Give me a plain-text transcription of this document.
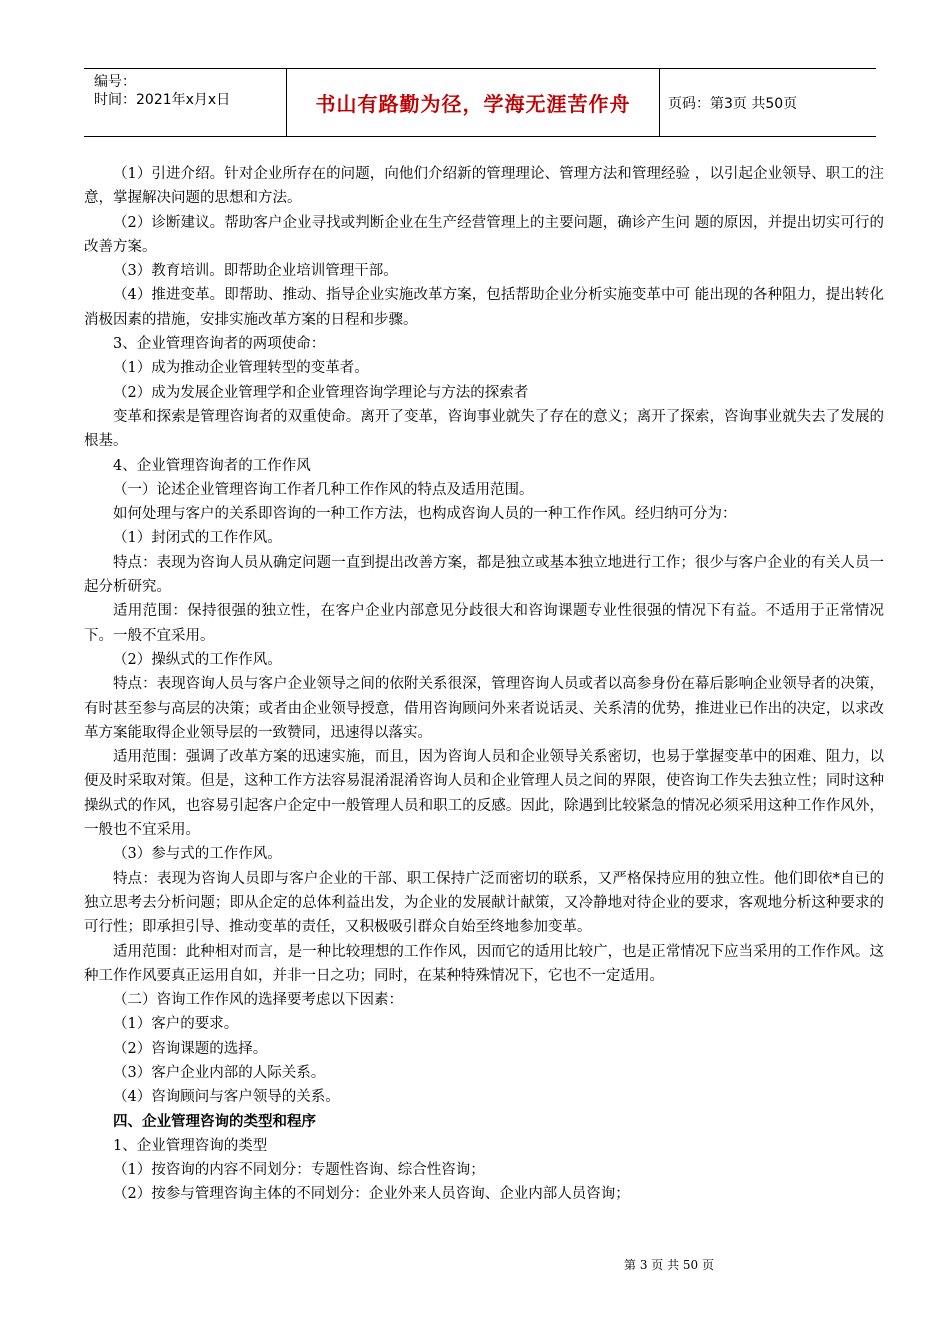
编号：
时间：2021年x月x日	书山有路勤为径，学海无涯苦作舟	页码：第3页 共50页

（1）引进介绍。针对企业所存在的问题，向他们介绍新的管理理论、管理方法和管理经验 ，以引起企业领导、职工的注意，掌握解决问题的思想和方法。

（2）诊断建议。帮助客户企业寻找或判断企业在生产经营管理上的主要问题，确诊产生问 题的原因，并提出切实可行的改善方案。

（3）教育培训。即帮助企业培训管理干部。

（4）推进变革。即帮助、推动、指导企业实施改革方案，包括帮助企业分析实施变革中可 能出现的各种阻力，提出转化消极因素的措施，安排实施改革方案的日程和步骤。

3、企业管理咨询者的两项使命：

（1）成为推动企业管理转型的变革者。

（2）成为发展企业管理学和企业管理咨询学理论与方法的探索者

变革和探索是管理咨询者的双重使命。离开了变革，咨询事业就失了存在的意义；离开了探索，咨询事业就失去了发展的根基。

4、企业管理咨询者的工作作风

（一）论述企业管理咨询工作者几种工作作风的特点及适用范围。

如何处理与客户的关系即咨询的一种工作方法，也构成咨询人员的一种工作作风。经归纳可分为：

（1）封闭式的工作作风。

特点：表现为咨询人员从确定问题一直到提出改善方案，都是独立或基本独立地进行工作；很少与客户企业的有关人员一起分析研究。

适用范围：保持很强的独立性，在客户企业内部意见分歧很大和咨询课题专业性很强的情况下有益。不适用于正常情况下。一般不宜采用。

（2）操纵式的工作作风。

特点：表现咨询人员与客户企业领导之间的依附关系很深，管理咨询人员或者以高参身份在幕后影响企业领导者的决策，有时甚至参与高层的决策；或者由企业领导授意，借用咨询顾问外来者说话灵、关系清的优势，推进业已作出的决定，以求改革方案能取得企业领导层的一致赞同，迅速得以落实。

适用范围：强调了改革方案的迅速实施，而且，因为咨询人员和企业领导关系密切，也易于掌握变革中的困难、阻力，以便及时采取对策。但是，这种工作方法容易混淆混淆咨询人员和企业管理人员之间的界限，使咨询工作失去独立性；同时这种操纵式的作风，也容易引起客户企定中一般管理人员和职工的反感。因此，除遇到比较紧急的情况必须采用这种工作作风外，一般也不宜采用。

（3）参与式的工作作风。

特点：表现为咨询人员即与客户企业的干部、职工保持广泛而密切的联系，又严格保持应用的独立性。他们即依*自已的独立思考去分析问题；即从企定的总体利益出发，为企业的发展献计献策，又冷静地对待企业的要求，客观地分析这种要求的可行性；即承担引导、推动变革的责任，又积极吸引群众自始至终地参加变革。

适用范围：此种相对而言，是一种比较理想的工作作风，因而它的适用比较广，也是正常情况下应当采用的工作作风。这种工作作风要真正运用自如，并非一日之功；同时，在某种特殊情况下，它也不一定适用。

（二）咨询工作作风的选择要考虑以下因素：

（1）客户的要求。

（2）咨询课题的选择。

（3）客户企业内部的人际关系。

（4）咨询顾问与客户领导的关系。

四、企业管理咨询的类型和程序

1、企业管理咨询的类型

（1）按咨询的内容不同划分：专题性咨询、综合性咨询；

（2）按参与管理咨询主体的不同划分：企业外来人员咨询、企业内部人员咨询；

第 3 页 共 50 页
